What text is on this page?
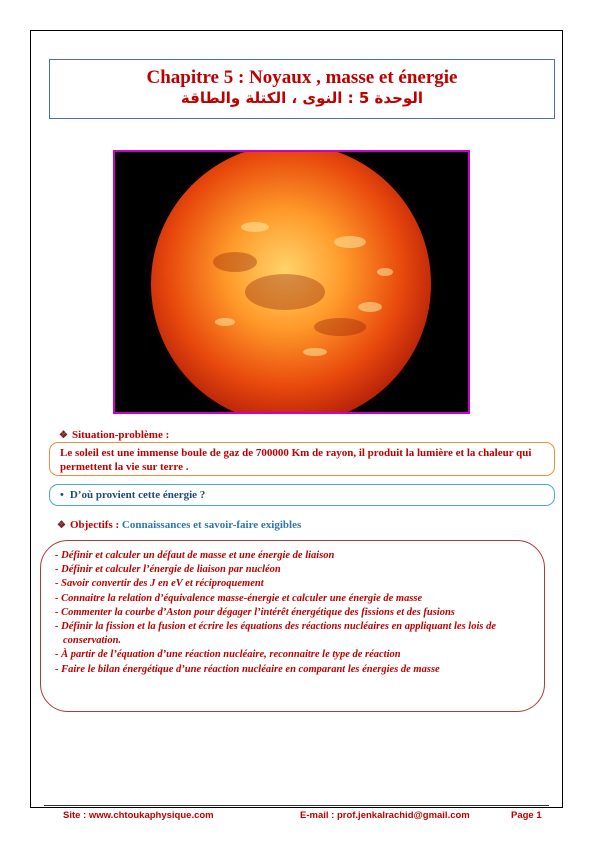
Chapitre 5 : Noyaux , masse et énergie
الوحدة 5 : النوى ، الكتلة والطاقة
❖ Situation-problème :
Le soleil est une immense boule de gaz de 700000 Km de rayon, il produit la lumière et la chaleur qui permettent la vie sur terre .
• D’où provient cette énergie ?
❖ Objectifs : Connaissances et savoir-faire exigibles
- Définir et calculer un défaut de masse et une énergie de liaison
- Définir et calculer l’énergie de liaison par nucléon
- Savoir convertir des J en eV et réciproquement
- Connaitre la relation d’équivalence masse-énergie et calculer une énergie de masse
- Commenter la courbe d’Aston pour dégager l’intérêt énergétique des fissions et des fusions
- Définir la fission et la fusion et écrire les équations des réactions nucléaires en appliquant les lois de conservation.
- À partir de l’équation d’une réaction nucléaire, reconnaitre le type de réaction
- Faire le bilan énergétique d’une réaction nucléaire en comparant les énergies de masse
Site : www.chtoukaphysique.com	E-mail : prof.jenkalrachid@gmail.com	Page 1
